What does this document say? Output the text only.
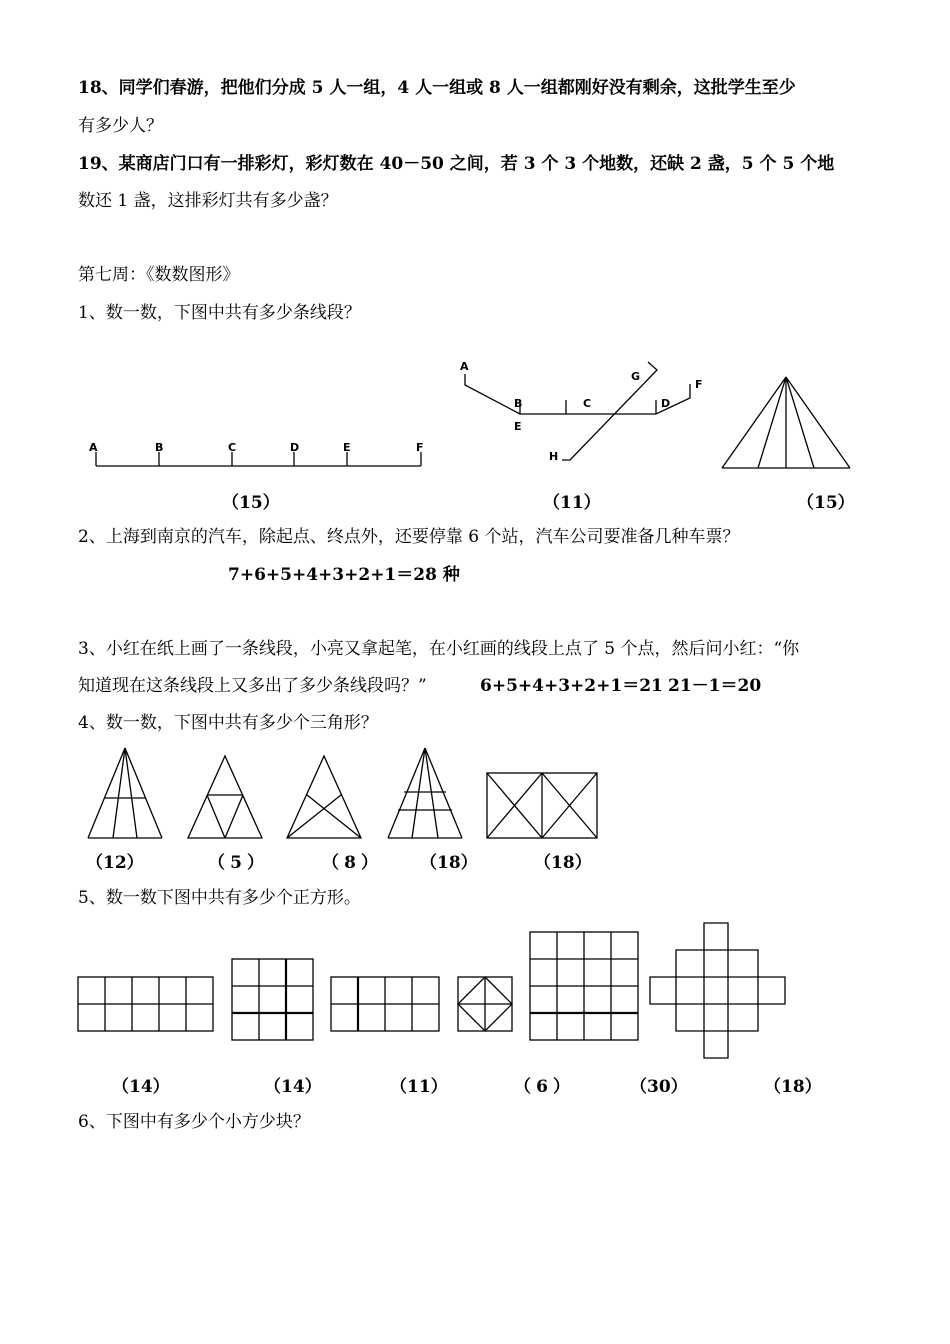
18、同学们春游，把他们分成 5 人一组，4 人一组或 8 人一组都刚好没有剩余，这批学生至少
有多少人？
19、某商店门口有一排彩灯，彩灯数在 40－50 之间，若 3 个 3 个地数，还缺 2 盏，5 个 5 个地
数还 1 盏，这排彩灯共有多少盏？
第七周：《数数图形》
1、数一数，下图中共有多少条线段？
（15）	（11）	（15）
2、上海到南京的汽车，除起点、终点外，还要停靠 6 个站，汽车公司要准备几种车票？
7+6+5+4+3+2+1＝28 种
3、小红在纸上画了一条线段，小亮又拿起笔，在小红画的线段上点了 5 个点，然后问小红：“你
知道现在这条线段上又多出了多少条线段吗？”	6+5+4+3+2+1＝21 21－1＝20
4、数一数，下图中共有多少个三角形？
（12）	（ 5 ）	（ 8 ） （18）	（18）
5、数一数下图中共有多少个正方形。
（14）	（14）	（11）	（ 6 ）	（30）	（18）
6、下图中有多少个小方少块？
A	B	C	D	E	F
A
B	C	D
E
F
G
H
